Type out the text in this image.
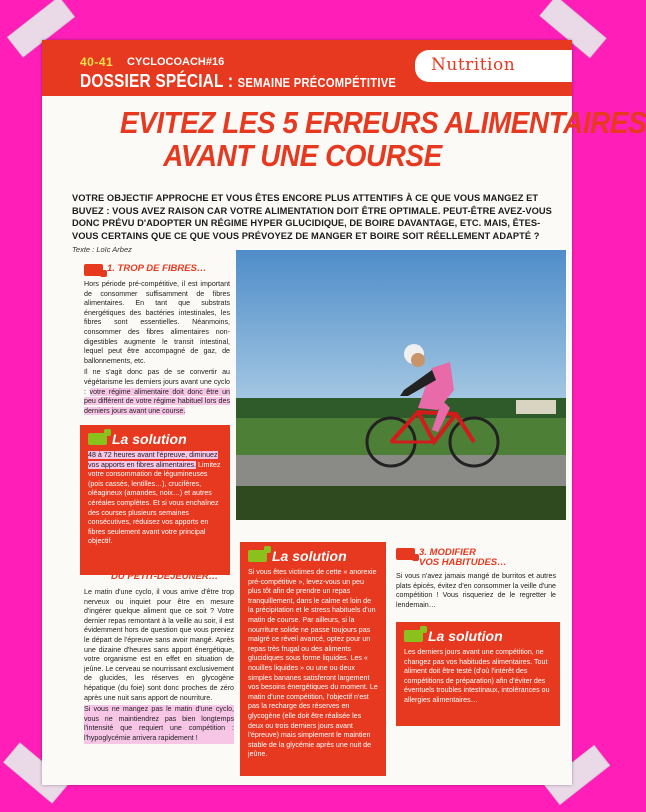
40-41 CYCLOCOACH#16
DOSSIER SPÉCIAL : SEMAINE PRÉCOMPÉTITIVE
Nutrition
EVITEZ LES 5 ERREURS ALIMENTAIRES
AVANT UNE COURSE
VOTRE OBJECTIF APPROCHE ET VOUS ÊTES ENCORE PLUS ATTENTIFS À CE QUE VOUS MANGEZ ET BUVEZ : VOUS AVEZ RAISON CAR VOTRE ALIMENTATION DOIT ÊTRE OPTIMALE. PEUT-ÊTRE AVEZ-VOUS DONC PRÉVU D'ADOPTER UN RÉGIME HYPER GLUCIDIQUE, DE BOIRE DAVANTAGE, ETC. MAIS, ÊTES-VOUS CERTAINS QUE CE QUE VOUS PRÉVOYEZ DE MANGER ET BOIRE SOIT RÉELLEMENT ADAPTÉ ?
Texte : Loïc Arbez
1. TROP DE FIBRES…

Hors période pré-compétitive, il est important de consommer suffisamment de fibres alimentaires. En tant que substrats énergétiques des bactéries intestinales, les fibres sont essentielles. Néanmoins, consommer des fibres alimentaires non-digestibles augmente le transit intestinal, lequel peut être accompagné de gaz, de ballonnements, etc.

Il ne s'agit donc pas de se convertir au végétarisme les derniers jours avant une cyclo : votre régime alimentaire doit donc être un peu différent de votre régime habituel lors des derniers jours avant une course.

La solution
48 à 72 heures avant l'épreuve, diminuez vos apports en fibres alimentaires. Limitez votre consommation de légumineuses (pois cassés, lentilles…), crucifères, oléagineux (amandes, noix…) et autres céréales complètes. Et si vous enchaînez des courses plusieurs semaines consécutives, réduisez vos apports en fibres seulement avant votre principal objectif.
2. SE PRIVER
DU PETIT-DÉJEUNER…

Le matin d'une cyclo, il vous arrive d'être trop nerveux ou inquiet pour être en mesure d'ingérer quelque aliment que ce soit ? Votre dernier repas remontant à la veille au soir, il est évidemment hors de question que vous preniez le départ de l'épreuve sans avoir mangé. Après une dizaine d'heures sans apport énergétique, votre organisme est en effet en situation de jeûne. Le cerveau se nourrissant exclusivement de glucides, les réserves en glycogène hépatique (du foie) sont donc proches de zéro après une nuit sans apport de nourriture.

Si vous ne mangez pas le matin d'une cyclo, vous ne maintiendrez pas bien longtemps l'intensité que requiert une compétition : l'hypoglycémie arrivera rapidement !

La solution
Si vous êtes victimes de cette « anorexie pré-compétitive », levez-vous un peu plus tôt afin de prendre un repas tranquillement, dans le calme et loin de la précipitation et le stress habituels d'un matin de course. Par ailleurs, si la nourriture solide ne passe toujours pas malgré ce réveil avancé, optez pour un repas très frugal ou des aliments glucidiques sous forme liquides. Les « nouilles liquides » ou une ou deux simples bananes satisferont largement vos besoins énergétiques du moment. Le matin d'une compétition, l'objectif n'est pas la recharge des réserves en glycogène (elle doit être réalisée les deux ou trois derniers jours avant l'épreuve) mais simplement le maintien stable de la glycémie après une nuit de jeûne.
3. MODIFIER
VOS HABITUDES…

Si vous n'avez jamais mangé de burritos et autres plats épicés, évitez d'en consommer la veille d'une compétition ! Vous risqueriez de le regretter le lendemain…

La solution
Les derniers jours avant une compétition, ne changez pas vos habitudes alimentaires. Tout aliment doit être testé (d'où l'intérêt des compétitions de préparation) afin d'éviter des éventuels troubles intestinaux, intolérances ou allergies alimentaires…
